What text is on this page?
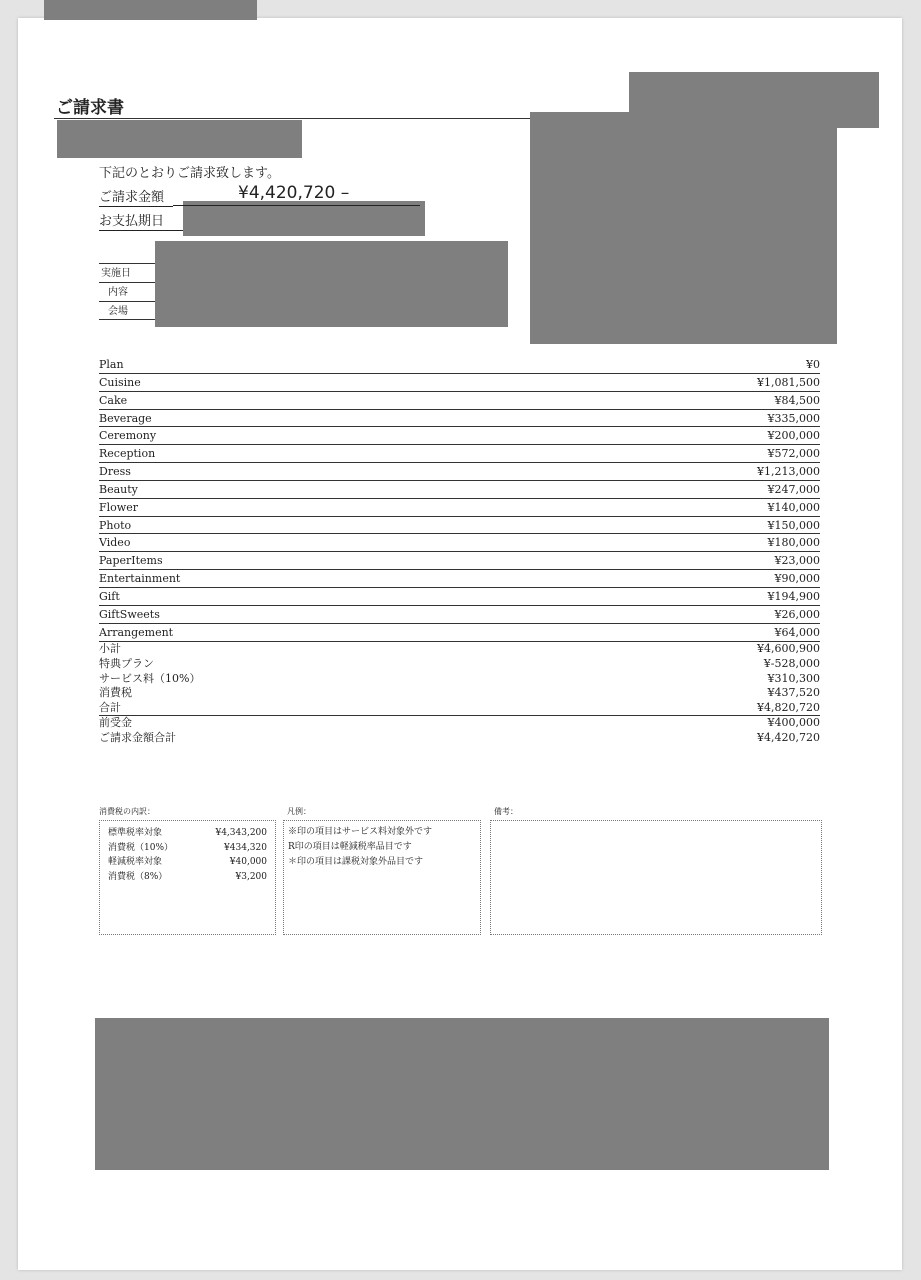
ご請求書
下記のとおりご請求致します。
ご請求金額	¥4,420,720 –
お支払期日
実施日
内容
会場
Plan	¥0
Cuisine	¥1,081,500
Cake	¥84,500
Beverage	¥335,000
Ceremony	¥200,000
Reception	¥572,000
Dress	¥1,213,000
Beauty	¥247,000
Flower	¥140,000
Photo	¥150,000
Video	¥180,000
PaperItems	¥23,000
Entertainment	¥90,000
Gift	¥194,900
GiftSweets	¥26,000
Arrangement	¥64,000
小計	¥4,600,900
特典プラン	¥-528,000
サービス料（10%）	¥310,300
消費税	¥437,520
合計	¥4,820,720
前受金	¥400,000
ご請求金額合計	¥4,420,720
消費税の内訳：	凡例：	備考：
標準税率対象	¥4,343,200
消費税（10%）	¥434,320
軽減税率対象	¥40,000
消費税（8%）	¥3,200
※印の項目はサービス料対象外です
R印の項目は軽減税率品目です
＊印の項目は課税対象外品目です
